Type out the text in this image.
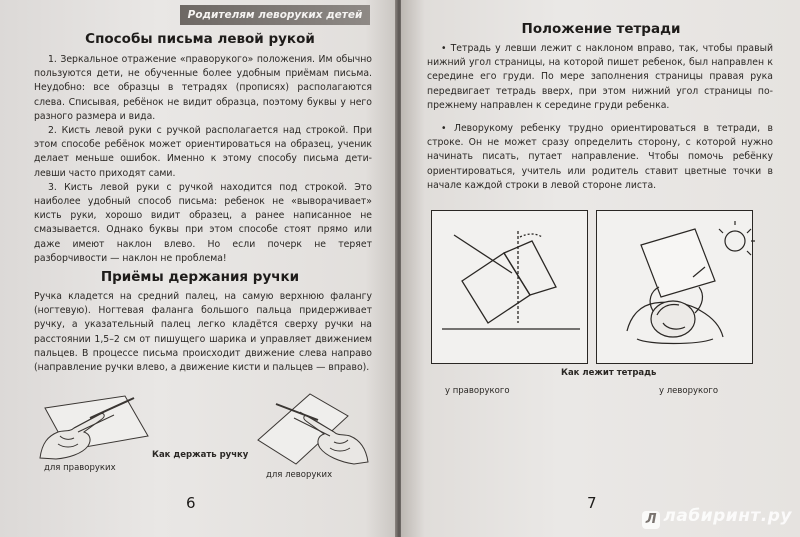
Родителям леворуких детей
Способы письма левой рукой

1. Зеркальное отражение «праворукого» положения. Им обычно пользуются дети, не обученные более удобным приёмам письма. Неудобно: все образцы в тетрадях (прописях) располагаются слева. Списывая, ребёнок не видит образца, поэтому буквы у него разного размера и вида.

2. Кисть левой руки с ручкой располагается над строкой. При этом способе ребёнок может ориентироваться на образец, ученик делает меньше ошибок. Именно к этому способу письма дети-левши часто приходят сами.

3. Кисть левой руки с ручкой находится под строкой. Это наиболее удобный способ письма: ребенок не «выворачивает» кисть руки, хорошо видит образец, а ранее написанное не смазывается. Однако буквы при этом способе стоят прямо или даже имеют наклон влево. Но если почерк не теряет разборчивости — наклон не проблема!

Приёмы держания ручки

Ручка кладется на средний палец, на самую верхнюю фалангу (ногтевую). Ногтевая фаланга большого пальца придерживает ручку, а указательный палец легко кладётся сверху ручки на расстоянии 1,5–2 см от пишущего шарика и управляет движением пальцев. В процессе письма происходит движение слева направо (направление ручки влево, а движение кисти и пальцев — вправо).

Как держать ручку
для праворуких
для леворуких
6
Положение тетради

• Тетрадь у левши лежит с наклоном вправо, так, чтобы правый нижний угол страницы, на которой пишет ребенок, был направлен к середине его груди. По мере заполнения страницы правая рука передвигает тетрадь вверх, при этом нижний угол страницы по-прежнему направлен к середине груди ребенка.

• Леворукому ребенку трудно ориентироваться в тетради, в строке. Он не может сразу определить сторону, с которой нужно начинать писать, путает направление. Чтобы помочь ребёнку ориентироваться, учитель или родитель ставит цветные точки в начале каждой строки в левой стороне листа.

Как лежит тетрадь
у праворукого	у леворукого
7
Л лабиринт.ру
